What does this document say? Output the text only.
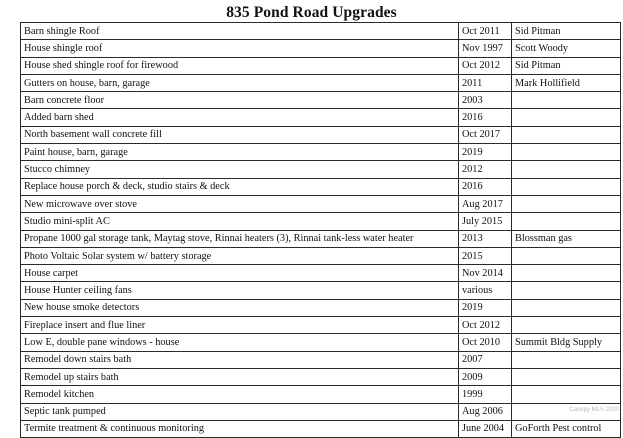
835 Pond Road Upgrades
Barn shingle Roof	Oct 2011	Sid Pitman
House shingle roof	Nov 1997	Scott Woody
House shed shingle roof for firewood	Oct 2012	Sid Pitman
Gutters on house, barn, garage	2011	Mark Hollifield
Barn concrete floor	2003	
Added barn shed	2016	
North basement wall concrete fill	Oct 2017	
Paint house, barn, garage	2019	
Stucco chimney	2012	
Replace house porch & deck, studio stairs & deck	2016	
New microwave over stove	Aug 2017	
Studio mini-split AC	July 2015	
Propane 1000 gal storage tank, Maytag stove, Rinnai heaters (3), Rinnai tank-less water heater	2013	Blossman gas
Photo Voltaic Solar system w/ battery storage	2015	
House carpet	Nov 2014	
House Hunter ceiling fans	various	
New house smoke detectors	2019	
Fireplace insert and flue liner	Oct 2012	
Low E, double pane windows - house	Oct 2010	Summit Bldg Supply
Remodel down stairs bath	2007	
Remodel up stairs bath	2009	
Remodel kitchen	1999	
Septic tank pumped	Aug 2006	
Termite treatment & continuous monitoring	June 2004	GoForth Pest control
Canopy MLS 2020
